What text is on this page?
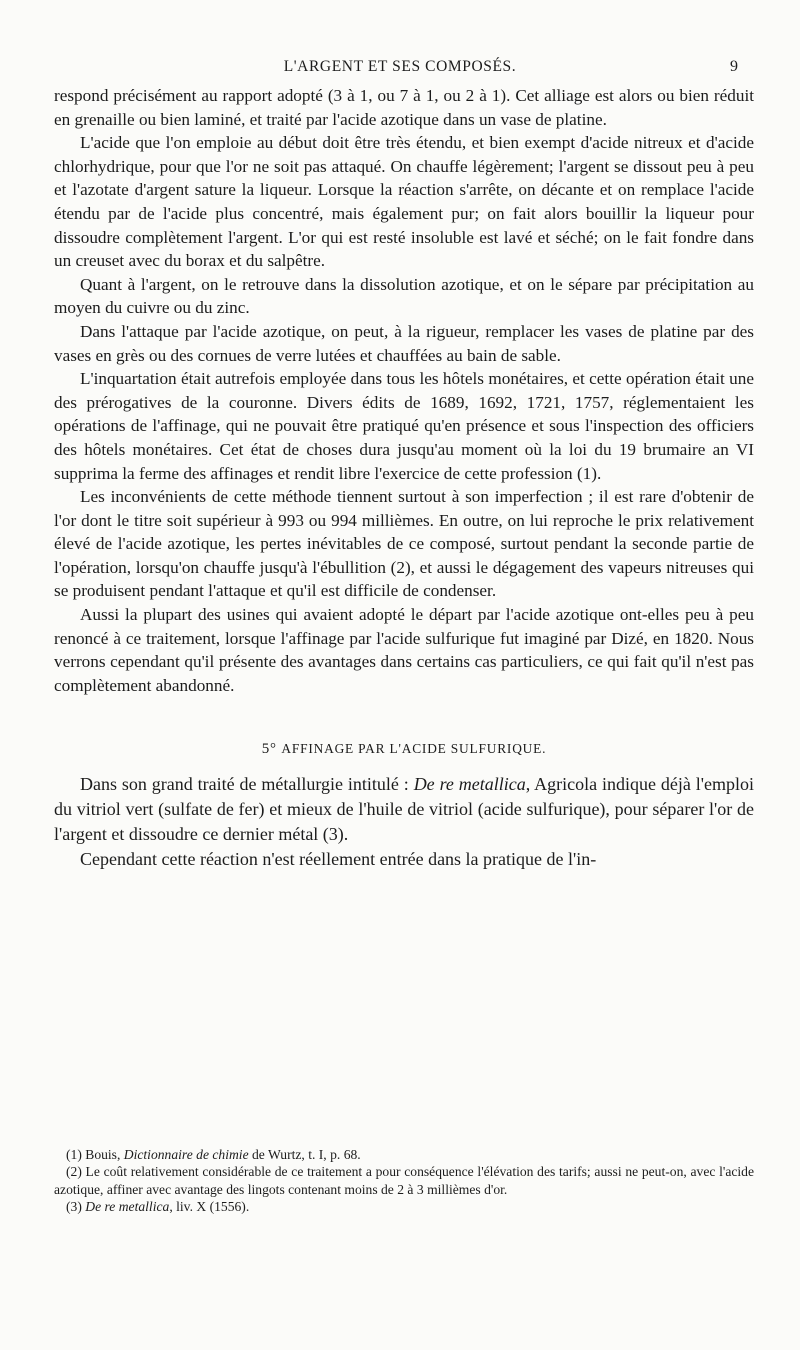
L'ARGENT ET SES COMPOSÉS.	9

respond précisément au rapport adopté (3 à 1, ou 7 à 1, ou 2 à 1). Cet alliage est alors ou bien réduit en grenaille ou bien laminé, et traité par l'acide azotique dans un vase de platine.

L'acide que l'on emploie au début doit être très étendu, et bien exempt d'acide nitreux et d'acide chlorhydrique, pour que l'or ne soit pas attaqué. On chauffe légèrement; l'argent se dissout peu à peu et l'azotate d'argent sature la liqueur. Lorsque la réaction s'arrête, on décante et on remplace l'acide étendu par de l'acide plus concentré, mais également pur; on fait alors bouillir la liqueur pour dissoudre complètement l'argent. L'or qui est resté insoluble est lavé et séché; on le fait fondre dans un creuset avec du borax et du salpêtre.

Quant à l'argent, on le retrouve dans la dissolution azotique, et on le sépare par précipitation au moyen du cuivre ou du zinc.

Dans l'attaque par l'acide azotique, on peut, à la rigueur, remplacer les vases de platine par des vases en grès ou des cornues de verre lutées et chauffées au bain de sable.

L'inquartation était autrefois employée dans tous les hôtels monétaires, et cette opération était une des prérogatives de la couronne. Divers édits de 1689, 1692, 1721, 1757, réglementaient les opérations de l'affinage, qui ne pouvait être pratiqué qu'en présence et sous l'inspection des officiers des hôtels monétaires. Cet état de choses dura jusqu'au moment où la loi du 19 brumaire an VI supprima la ferme des affinages et rendit libre l'exercice de cette profession (1).

Les inconvénients de cette méthode tiennent surtout à son imperfection ; il est rare d'obtenir de l'or dont le titre soit supérieur à 993 ou 994 millièmes. En outre, on lui reproche le prix relativement élevé de l'acide azotique, les pertes inévitables de ce composé, surtout pendant la seconde partie de l'opération, lorsqu'on chauffe jusqu'à l'ébullition (2), et aussi le dégagement des vapeurs nitreuses qui se produisent pendant l'attaque et qu'il est difficile de condenser.

Aussi la plupart des usines qui avaient adopté le départ par l'acide azotique ont-elles peu à peu renoncé à ce traitement, lorsque l'affinage par l'acide sulfurique fut imaginé par Dizé, en 1820. Nous verrons cependant qu'il présente des avantages dans certains cas particuliers, ce qui fait qu'il n'est pas complètement abandonné.

5° AFFINAGE PAR L'ACIDE SULFURIQUE.

Dans son grand traité de métallurgie intitulé : De re metallica, Agricola indique déjà l'emploi du vitriol vert (sulfate de fer) et mieux de l'huile de vitriol (acide sulfurique), pour séparer l'or de l'argent et dissoudre ce dernier métal (3).

Cependant cette réaction n'est réellement entrée dans la pratique de l'in-

(1) Bouis, Dictionnaire de chimie de Wurtz, t. I, p. 68.

(2) Le coût relativement considérable de ce traitement a pour conséquence l'élévation des tarifs; aussi ne peut-on, avec l'acide azotique, affiner avec avantage des lingots contenant moins de 2 à 3 millièmes d'or.

(3) De re metallica, liv. X (1556).
